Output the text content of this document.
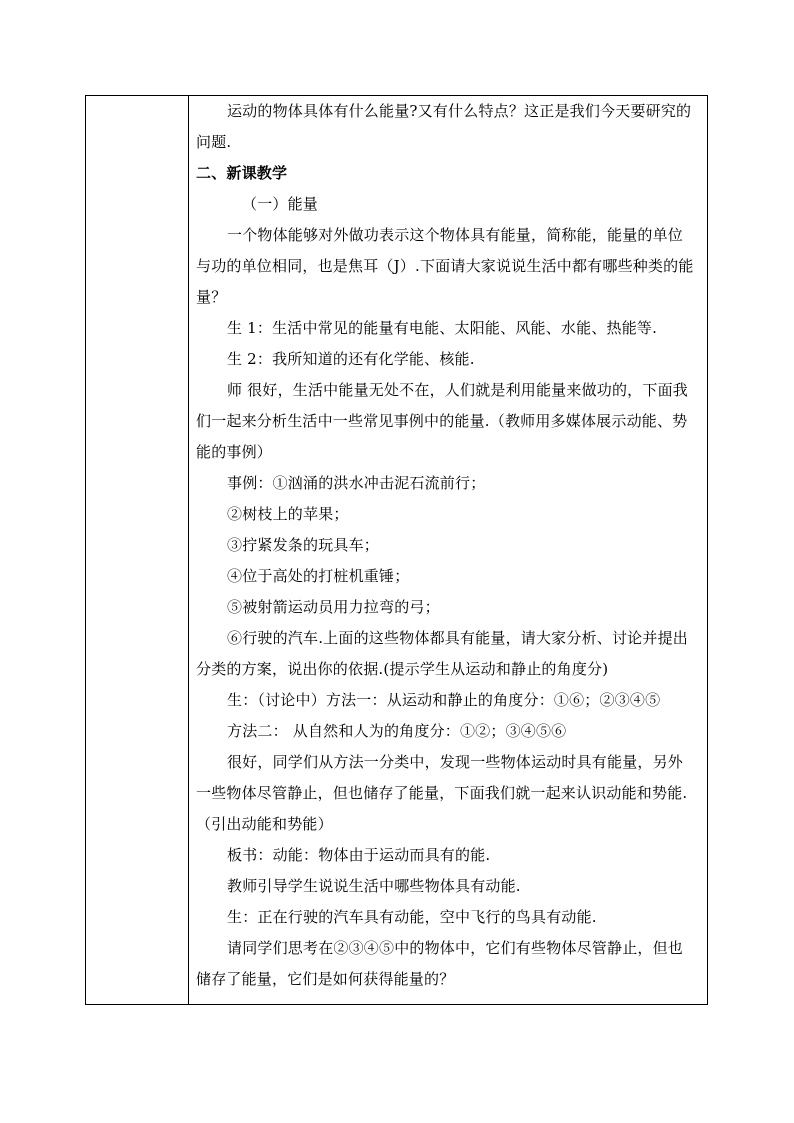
运动的物体具体有什么能量?又有什么特点？这正是我们今天要研究的问题.

二、新课教学

（一）能量

一个物体能够对外做功表示这个物体具有能量，简称能，能量的单位与功的单位相同，也是焦耳（J）.下面请大家说说生活中都有哪些种类的能量？

生 1：生活中常见的能量有电能、太阳能、风能、水能、热能等.

生 2：我所知道的还有化学能、核能.

师 很好，生活中能量无处不在，人们就是利用能量来做功的，下面我们一起来分析生活中一些常见事例中的能量.（教师用多媒体展示动能、势能的事例）

事例：①汹涌的洪水冲击泥石流前行；

②树枝上的苹果；

③拧紧发条的玩具车；

④位于高处的打桩机重锤；

⑤被射箭运动员用力拉弯的弓；

⑥行驶的汽车.上面的这些物体都具有能量，请大家分析、讨论并提出分类的方案，说出你的依据.(提示学生从运动和静止的角度分)

生：（讨论中）方法一：从运动和静止的角度分：①⑥；②③④⑤

方法二： 从自然和人为的角度分：①②；③④⑤⑥

很好，同学们从方法一分类中，发现一些物体运动时具有能量，另外一些物体尽管静止，但也储存了能量，下面我们就一起来认识动能和势能.（引出动能和势能）

板书：动能：物体由于运动而具有的能.

教师引导学生说说生活中哪些物体具有动能.

生：正在行驶的汽车具有动能，空中飞行的鸟具有动能.

请同学们思考在②③④⑤中的物体中，它们有些物体尽管静止，但也储存了能量，它们是如何获得能量的？
